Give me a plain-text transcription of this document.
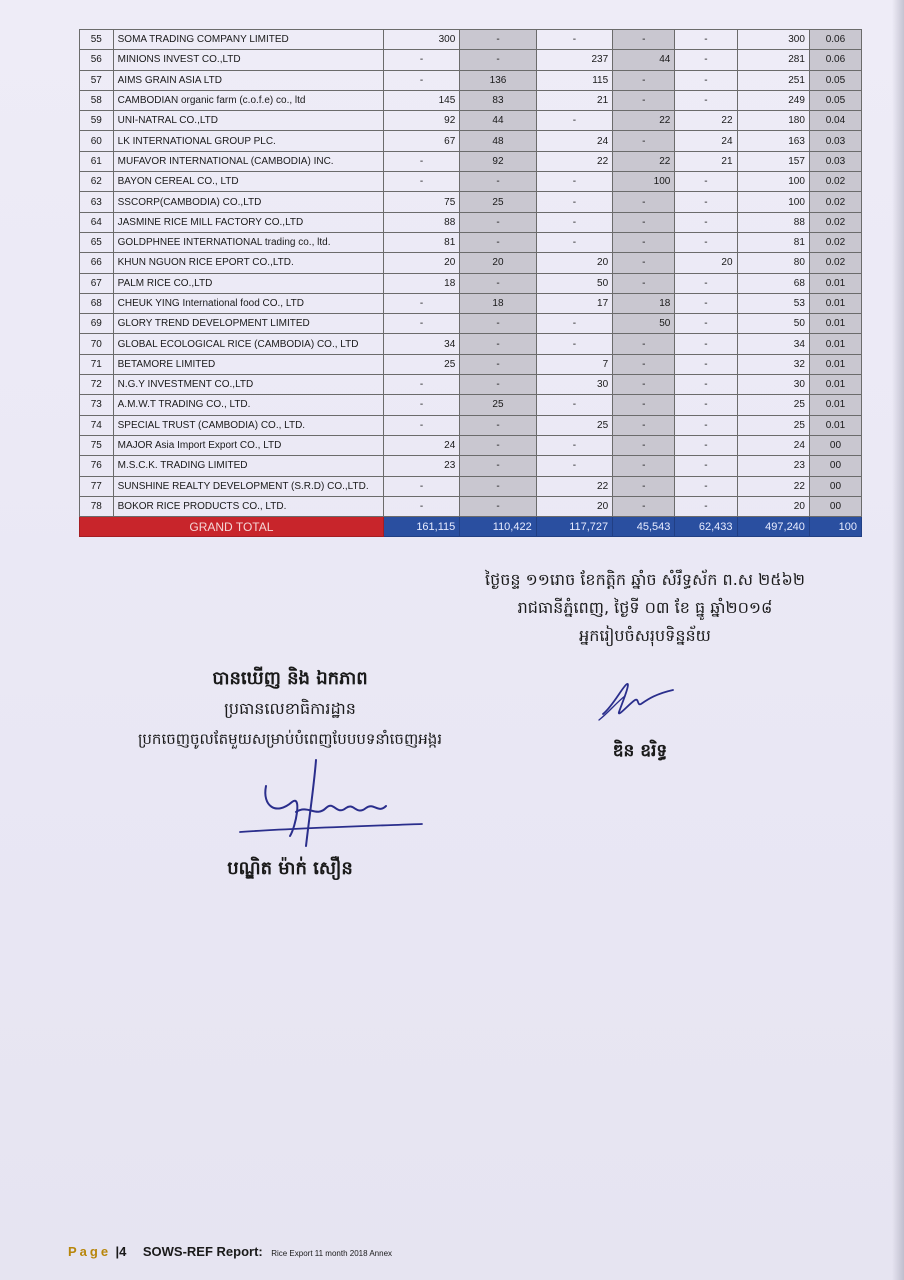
55	SOMA TRADING COMPANY LIMITED	300	-	-	-	-	300	0.06
56	MINIONS INVEST CO.,LTD	-	-	237	44	-	281	0.06
57	AIMS GRAIN ASIA LTD	-	136	115	-	-	251	0.05
58	CAMBODIAN organic farm (c.o.f.e) co., ltd	145	83	21	-	-	249	0.05
59	UNI-NATRAL CO.,LTD	92	44	-	22	22	180	0.04
60	LK INTERNATIONAL GROUP PLC.	67	48	24	-	24	163	0.03
61	MUFAVOR INTERNATIONAL (CAMBODIA) INC.	-	92	22	22	21	157	0.03
62	BAYON CEREAL CO., LTD	-	-	-	100	-	100	0.02
63	SSCORP(CAMBODIA) CO.,LTD	75	25	-	-	-	100	0.02
64	JASMINE RICE MILL FACTORY CO.,LTD	88	-	-	-	-	88	0.02
65	GOLDPHNEE INTERNATIONAL trading co., ltd.	81	-	-	-	-	81	0.02
66	KHUN NGUON RICE EPORT CO.,LTD.	20	20	20	-	20	80	0.02
67	PALM RICE CO.,LTD	18	-	50	-	-	68	0.01
68	CHEUK YING International food CO., LTD	-	18	17	18	-	53	0.01
69	GLORY TREND DEVELOPMENT LIMITED	-	-	-	50	-	50	0.01
70	GLOBAL ECOLOGICAL RICE (CAMBODIA) CO., LTD	34	-	-	-	-	34	0.01
71	BETAMORE LIMITED	25	-	7	-	-	32	0.01
72	N.G.Y INVESTMENT CO.,LTD	-	-	30	-	-	30	0.01
73	A.M.W.T TRADING CO., LTD.	-	25	-	-	-	25	0.01
74	SPECIAL TRUST (CAMBODIA) CO., LTD.	-	-	25	-	-	25	0.01
75	MAJOR Asia Import Export CO., LTD	24	-	-	-	-	24	00
76	M.S.C.K. TRADING LIMITED	23	-	-	-	-	23	00
77	SUNSHINE REALTY DEVELOPMENT (S.R.D) CO.,LTD.	-	-	22	-	-	22	00
78	BOKOR RICE PRODUCTS CO., LTD.	-	-	20	-	-	20	00
GRAND TOTAL		161,115	110,422	117,727	45,543	62,433	497,240	100
ថ្ងៃចន្ទ ១១រោច ខែកត្តិក ឆ្នាំច សំរឹទ្ធស័ក ព.ស ២៥៦២
រាជធានីភ្នំពេញ, ថ្ងៃទី ០៣ ខែ ធ្នូ ឆ្នាំ២០១៨
អ្នករៀបចំសរុបទិន្នន័យ
ឌិន ឧរិទ្ធ
បានឃើញ និង ឯកភាព
ប្រធានលេខាធិការដ្ឋាន
ប្រកចេញចូលតែមួយសម្រាប់បំពេញបែបបទនាំចេញអង្ករ
បណ្ឌិត ម៉ាក់ សឿន
Page |4 SOWS-REF Report: Rice Export 11 month 2018 Annex
